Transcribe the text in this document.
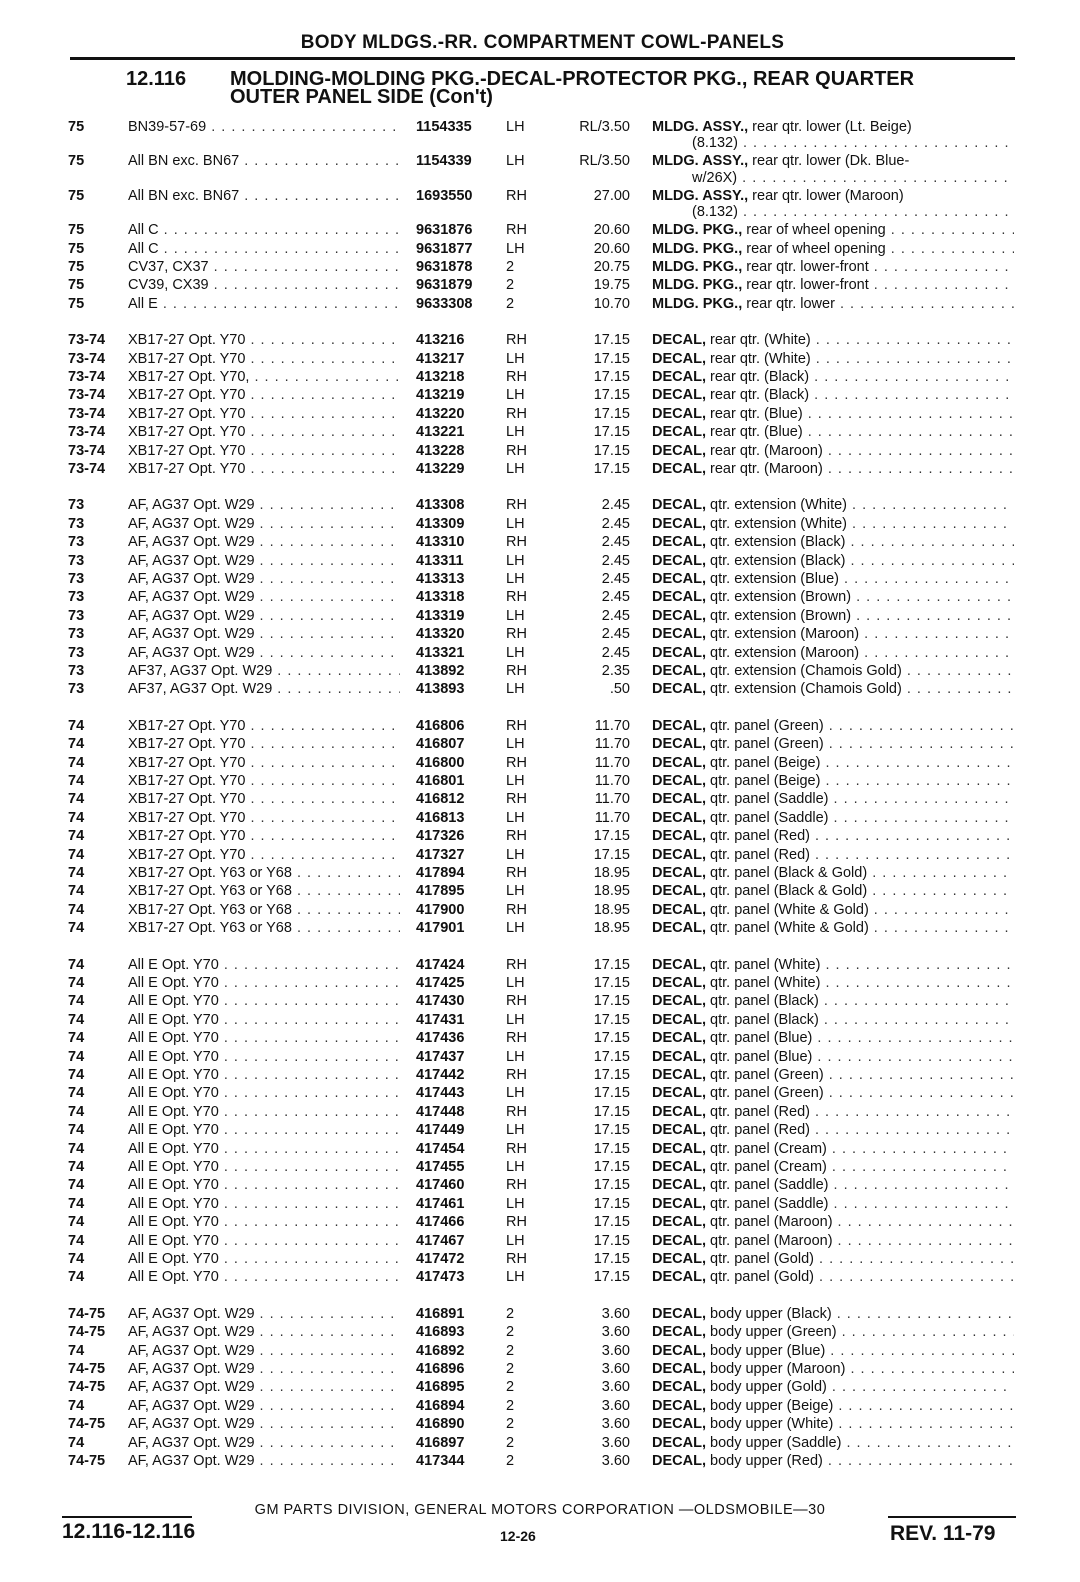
BODY MLDGS.-RR. COMPARTMENT COWL-PANELS
12.116 MOLDING-MOLDING PKG.-DECAL-PROTECTOR PKG., REAR QUARTER
OUTER PANEL SIDE (Con't)
75	BN39-57-69 . . .	1154335	LH	RL/3.50 MLDG. ASSY., rear qtr. lower (Lt. Beige)
(8.132) . . .
75	All BN exc. BN67 . . .	1154339	LH	RL/3.50 MLDG. ASSY., rear qtr. lower (Dk. Blue-
w/26X) . . .
75	All BN exc. BN67 . . .	1693550	RH	27.00 MLDG. ASSY., rear qtr. lower (Maroon)
(8.132) . . .
75	All C . . .	9631876	RH	20.60 MLDG. PKG., rear of wheel opening . . .
75	All C . . .	9631877	LH	20.60 MLDG. PKG., rear of wheel opening . . .
75	CV37, CX37 . . .	9631878	2	20.75 MLDG. PKG., rear qtr. lower-front . . .
75	CV39, CX39 . . .	9631879	2	19.75 MLDG. PKG., rear qtr. lower-front . . .
75	All E . . .	9633308	2	10.70 MLDG. PKG., rear qtr. lower . . .
73-74	XB17-27 Opt. Y70 . . .	413216	RH	17.15 DECAL, rear qtr. (White) . . .
73-74	XB17-27 Opt. Y70 . . .	413217	LH	17.15 DECAL, rear qtr. (White) . . .
73-74	XB17-27 Opt. Y70, . . .	413218	RH	17.15 DECAL, rear qtr. (Black) . . .
73-74	XB17-27 Opt. Y70 . . .	413219	LH	17.15 DECAL, rear qtr. (Black) . . .
73-74	XB17-27 Opt. Y70 . . .	413220	RH	17.15 DECAL, rear qtr. (Blue) . . .
73-74	XB17-27 Opt. Y70 . . .	413221	LH	17.15 DECAL, rear qtr. (Blue) . . .
73-74	XB17-27 Opt. Y70 . . .	413228	RH	17.15 DECAL, rear qtr. (Maroon) . . .
73-74	XB17-27 Opt. Y70 . . .	413229	LH	17.15 DECAL, rear qtr. (Maroon) . . .
73	AF, AG37 Opt. W29 . . .	413308	RH	2.45 DECAL, qtr. extension (White) . . .
73	AF, AG37 Opt. W29 . . .	413309	LH	2.45 DECAL, qtr. extension (White) . . .
73	AF, AG37 Opt. W29 . . .	413310	RH	2.45 DECAL, qtr. extension (Black) . . .
73	AF, AG37 Opt. W29 . . .	413311	LH	2.45 DECAL, qtr. extension (Black) . . .
73	AF, AG37 Opt. W29 . . .	413313	LH	2.45 DECAL, qtr. extension (Blue) . . .
73	AF, AG37 Opt. W29 . . .	413318	RH	2.45 DECAL, qtr. extension (Brown) . . .
73	AF, AG37 Opt. W29 . . .	413319	LH	2.45 DECAL, qtr. extension (Brown) . . .
73	AF, AG37 Opt. W29 . . .	413320	RH	2.45 DECAL, qtr. extension (Maroon) . . .
73	AF, AG37 Opt. W29 . . .	413321	LH	2.45 DECAL, qtr. extension (Maroon) . . .
73	AF37, AG37 Opt. W29 . . .	413892	RH	2.35 DECAL, qtr. extension (Chamois Gold) . . .
73	AF37, AG37 Opt. W29 . . .	413893	LH	.50 DECAL, qtr. extension (Chamois Gold) . . .
74	XB17-27 Opt. Y70 . . .	416806	RH	11.70 DECAL, qtr. panel (Green) . . .
74	XB17-27 Opt. Y70 . . .	416807	LH	11.70 DECAL, qtr. panel (Green) . . .
74	XB17-27 Opt. Y70 . . .	416800	RH	11.70 DECAL, qtr. panel (Beige) . . .
74	XB17-27 Opt. Y70 . . .	416801	LH	11.70 DECAL, qtr. panel (Beige) . . .
74	XB17-27 Opt. Y70 . . .	416812	RH	11.70 DECAL, qtr. panel (Saddle) . . .
74	XB17-27 Opt. Y70 . . .	416813	LH	11.70 DECAL, qtr. panel (Saddle) . . .
74	XB17-27 Opt. Y70 . . .	417326	RH	17.15 DECAL, qtr. panel (Red) . . .
74	XB17-27 Opt. Y70 . . .	417327	LH	17.15 DECAL, qtr. panel (Red) . . .
74	XB17-27 Opt. Y63 or Y68 . . .	417894	RH	18.95 DECAL, qtr. panel (Black & Gold) . . .
74	XB17-27 Opt. Y63 or Y68 . . .	417895	LH	18.95 DECAL, qtr. panel (Black & Gold) . . .
74	XB17-27 Opt. Y63 or Y68 . . .	417900	RH	18.95 DECAL, qtr. panel (White & Gold) . . .
74	XB17-27 Opt. Y63 or Y68 . . .	417901	LH	18.95 DECAL, qtr. panel (White & Gold) . . .
74	All E Opt. Y70 . . .	417424	RH	17.15 DECAL, qtr. panel (White) . . .
74	All E Opt. Y70 . . .	417425	LH	17.15 DECAL, qtr. panel (White) . . .
74	All E Opt. Y70 . . .	417430	RH	17.15 DECAL, qtr. panel (Black) . . .
74	All E Opt. Y70 . . .	417431	LH	17.15 DECAL, qtr. panel (Black) . . .
74	All E Opt. Y70 . . .	417436	RH	17.15 DECAL, qtr. panel (Blue) . . .
74	All E Opt. Y70 . . .	417437	LH	17.15 DECAL, qtr. panel (Blue) . . .
74	All E Opt. Y70 . . .	417442	RH	17.15 DECAL, qtr. panel (Green) . . .
74	All E Opt. Y70 . . .	417443	LH	17.15 DECAL, qtr. panel (Green) . . .
74	All E Opt. Y70 . . .	417448	RH	17.15 DECAL, qtr. panel (Red) . . .
74	All E Opt. Y70 . . .	417449	LH	17.15 DECAL, qtr. panel (Red) . . .
74	All E Opt. Y70 . . .	417454	RH	17.15 DECAL, qtr. panel (Cream) . . .
74	All E Opt. Y70 . . .	417455	LH	17.15 DECAL, qtr. panel (Cream) . . .
74	All E Opt. Y70 . . .	417460	RH	17.15 DECAL, qtr. panel (Saddle) . . .
74	All E Opt. Y70 . . .	417461	LH	17.15 DECAL, qtr. panel (Saddle) . . .
74	All E Opt. Y70 . . .	417466	RH	17.15 DECAL, qtr. panel (Maroon) . . .
74	All E Opt. Y70 . . .	417467	LH	17.15 DECAL, qtr. panel (Maroon) . . .
74	All E Opt. Y70 . . .	417472	RH	17.15 DECAL, qtr. panel (Gold) . . .
74	All E Opt. Y70 . . .	417473	LH	17.15 DECAL, qtr. panel (Gold) . . .
74-75	AF, AG37 Opt. W29 . . .	416891	2	3.60 DECAL, body upper (Black) . . .
74-75	AF, AG37 Opt. W29 . . .	416893	2	3.60 DECAL, body upper (Green) . . .
74	AF, AG37 Opt. W29 . . .	416892	2	3.60 DECAL, body upper (Blue) . . .
74-75	AF, AG37 Opt. W29 . . .	416896	2	3.60 DECAL, body upper (Maroon) . . .
74-75	AF, AG37 Opt. W29 . . .	416895	2	3.60 DECAL, body upper (Gold) . . .
74	AF, AG37 Opt. W29 . . .	416894	2	3.60 DECAL, body upper (Beige) . . .
74-75	AF, AG37 Opt. W29 . . .	416890	2	3.60 DECAL, body upper (White) . . .
74	AF, AG37 Opt. W29 . . .	416897	2	3.60 DECAL, body upper (Saddle) . . .
74-75	AF, AG37 Opt. W29 . . .	417344	2	3.60 DECAL, body upper (Red) . . .
GM PARTS DIVISION, GENERAL MOTORS CORPORATION —OLDSMOBILE—30
12.116-12.116	12-26	REV. 11-79
